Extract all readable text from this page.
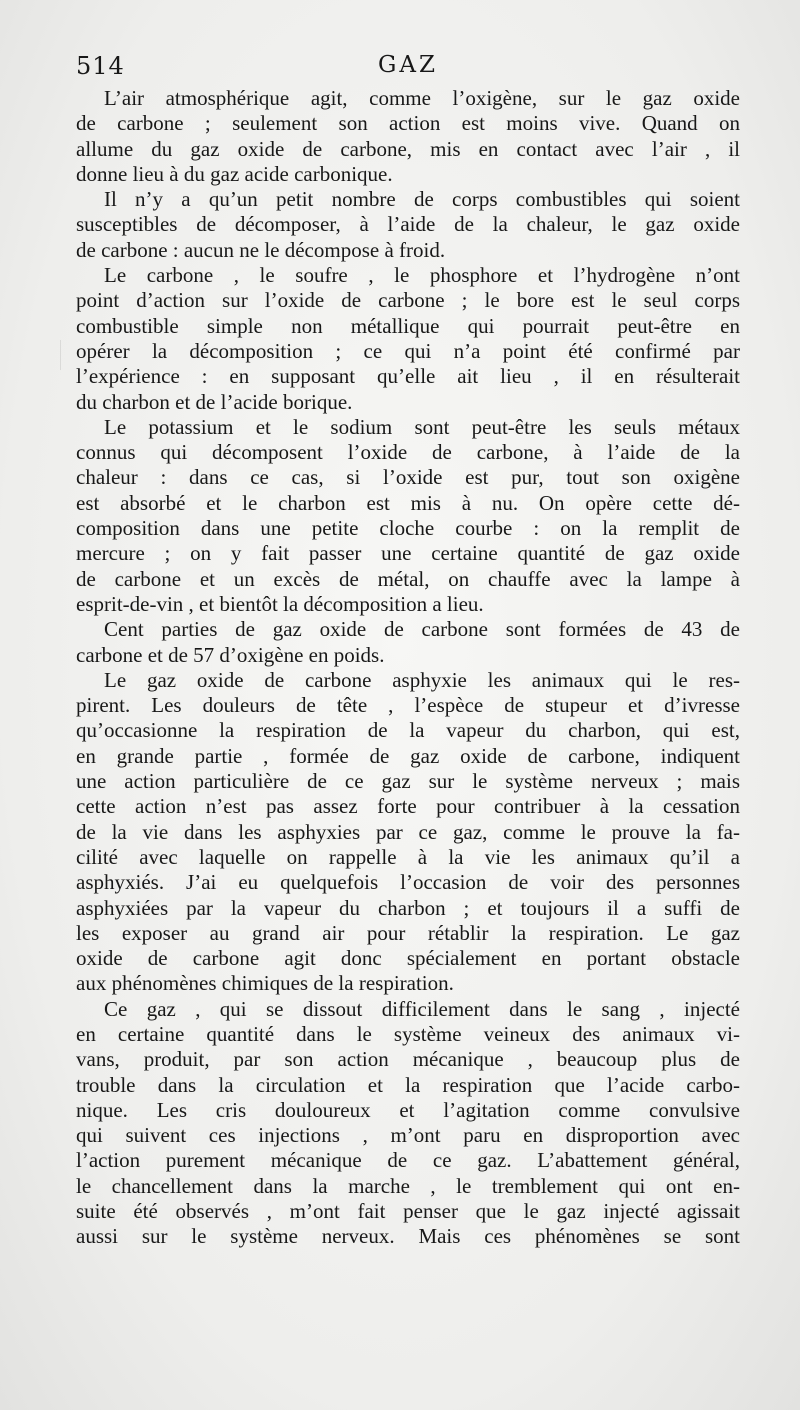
514	GAZ
L’air atmosphérique agit, comme l’oxigène, sur le gaz oxide
de carbone ; seulement son action est moins vive. Quand on
allume du gaz oxide de carbone, mis en contact avec l’air , il
donne lieu à du gaz acide carbonique.
Il n’y a qu’un petit nombre de corps combustibles qui soient
susceptibles de décomposer, à l’aide de la chaleur, le gaz oxide
de carbone : aucun ne le décompose à froid.
Le carbone , le soufre , le phosphore et l’hydrogène n’ont
point d’action sur l’oxide de carbone ; le bore est le seul corps
combustible simple non métallique qui pourrait peut-être en
opérer la décomposition ; ce qui n’a point été confirmé par
l’expérience : en supposant qu’elle ait lieu , il en résulterait
du charbon et de l’acide borique.
Le potassium et le sodium sont peut-être les seuls métaux
connus qui décomposent l’oxide de carbone, à l’aide de la
chaleur : dans ce cas, si l’oxide est pur, tout son oxigène
est absorbé et le charbon est mis à nu. On opère cette dé-
composition dans une petite cloche courbe : on la remplit de
mercure ; on y fait passer une certaine quantité de gaz oxide
de carbone et un excès de métal, on chauffe avec la lampe à
esprit-de-vin , et bientôt la décomposition a lieu.
Cent parties de gaz oxide de carbone sont formées de 43 de
carbone et de 57 d’oxigène en poids.
Le gaz oxide de carbone asphyxie les animaux qui le res-
pirent. Les douleurs de tête , l’espèce de stupeur et d’ivresse
qu’occasionne la respiration de la vapeur du charbon, qui est,
en grande partie , formée de gaz oxide de carbone, indiquent
une action particulière de ce gaz sur le système nerveux ; mais
cette action n’est pas assez forte pour contribuer à la cessation
de la vie dans les asphyxies par ce gaz, comme le prouve la fa-
cilité avec laquelle on rappelle à la vie les animaux qu’il a
asphyxiés. J’ai eu quelquefois l’occasion de voir des personnes
asphyxiées par la vapeur du charbon ; et toujours il a suffi de
les exposer au grand air pour rétablir la respiration. Le gaz
oxide de carbone agit donc spécialement en portant obstacle
aux phénomènes chimiques de la respiration.
Ce gaz , qui se dissout difficilement dans le sang , injecté
en certaine quantité dans le système veineux des animaux vi-
vans, produit, par son action mécanique , beaucoup plus de
trouble dans la circulation et la respiration que l’acide carbo-
nique. Les cris douloureux et l’agitation comme convulsive
qui suivent ces injections , m’ont paru en disproportion avec
l’action purement mécanique de ce gaz. L’abattement général,
le chancellement dans la marche , le tremblement qui ont en-
suite été observés , m’ont fait penser que le gaz injecté agissait
aussi sur le système nerveux. Mais ces phénomènes se sont
